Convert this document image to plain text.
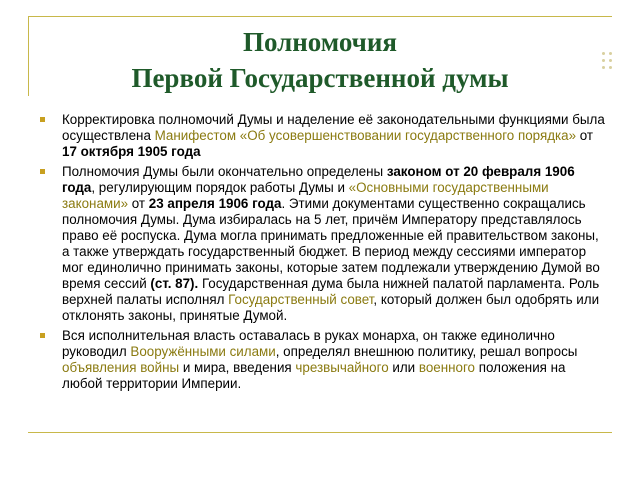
Полномочия
Первой Государственной думы
Корректировка полномочий Думы и наделение её законодательными функциями была осуществлена Манифестом «Об усовершенствовании государственного порядка» от 17 октября 1905 года
Полномочия Думы были окончательно определены законом от 20 февраля 1906 года, регулирующим порядок работы Думы и «Основными государственными законами» от 23 апреля 1906 года. Этими документами существенно сокращались полномочия Думы. Дума избиралась на 5 лет, причём Императору представлялось право её роспуска. Дума могла принимать предложенные ей правительством законы, а также утверждать государственный бюджет. В период между сессиями император мог единолично принимать законы, которые затем подлежали утверждению Думой во время сессий (ст. 87). Государственная дума была нижней палатой парламента. Роль верхней палаты исполнял Государственный совет, который должен был одобрять или отклонять законы, принятые Думой.
Вся исполнительная власть оставалась в руках монарха, он также единолично руководил Вооружёнными силами, определял внешнюю политику, решал вопросы объявления войны и мира, введения чрезвычайного или военного положения на любой территории Империи.
